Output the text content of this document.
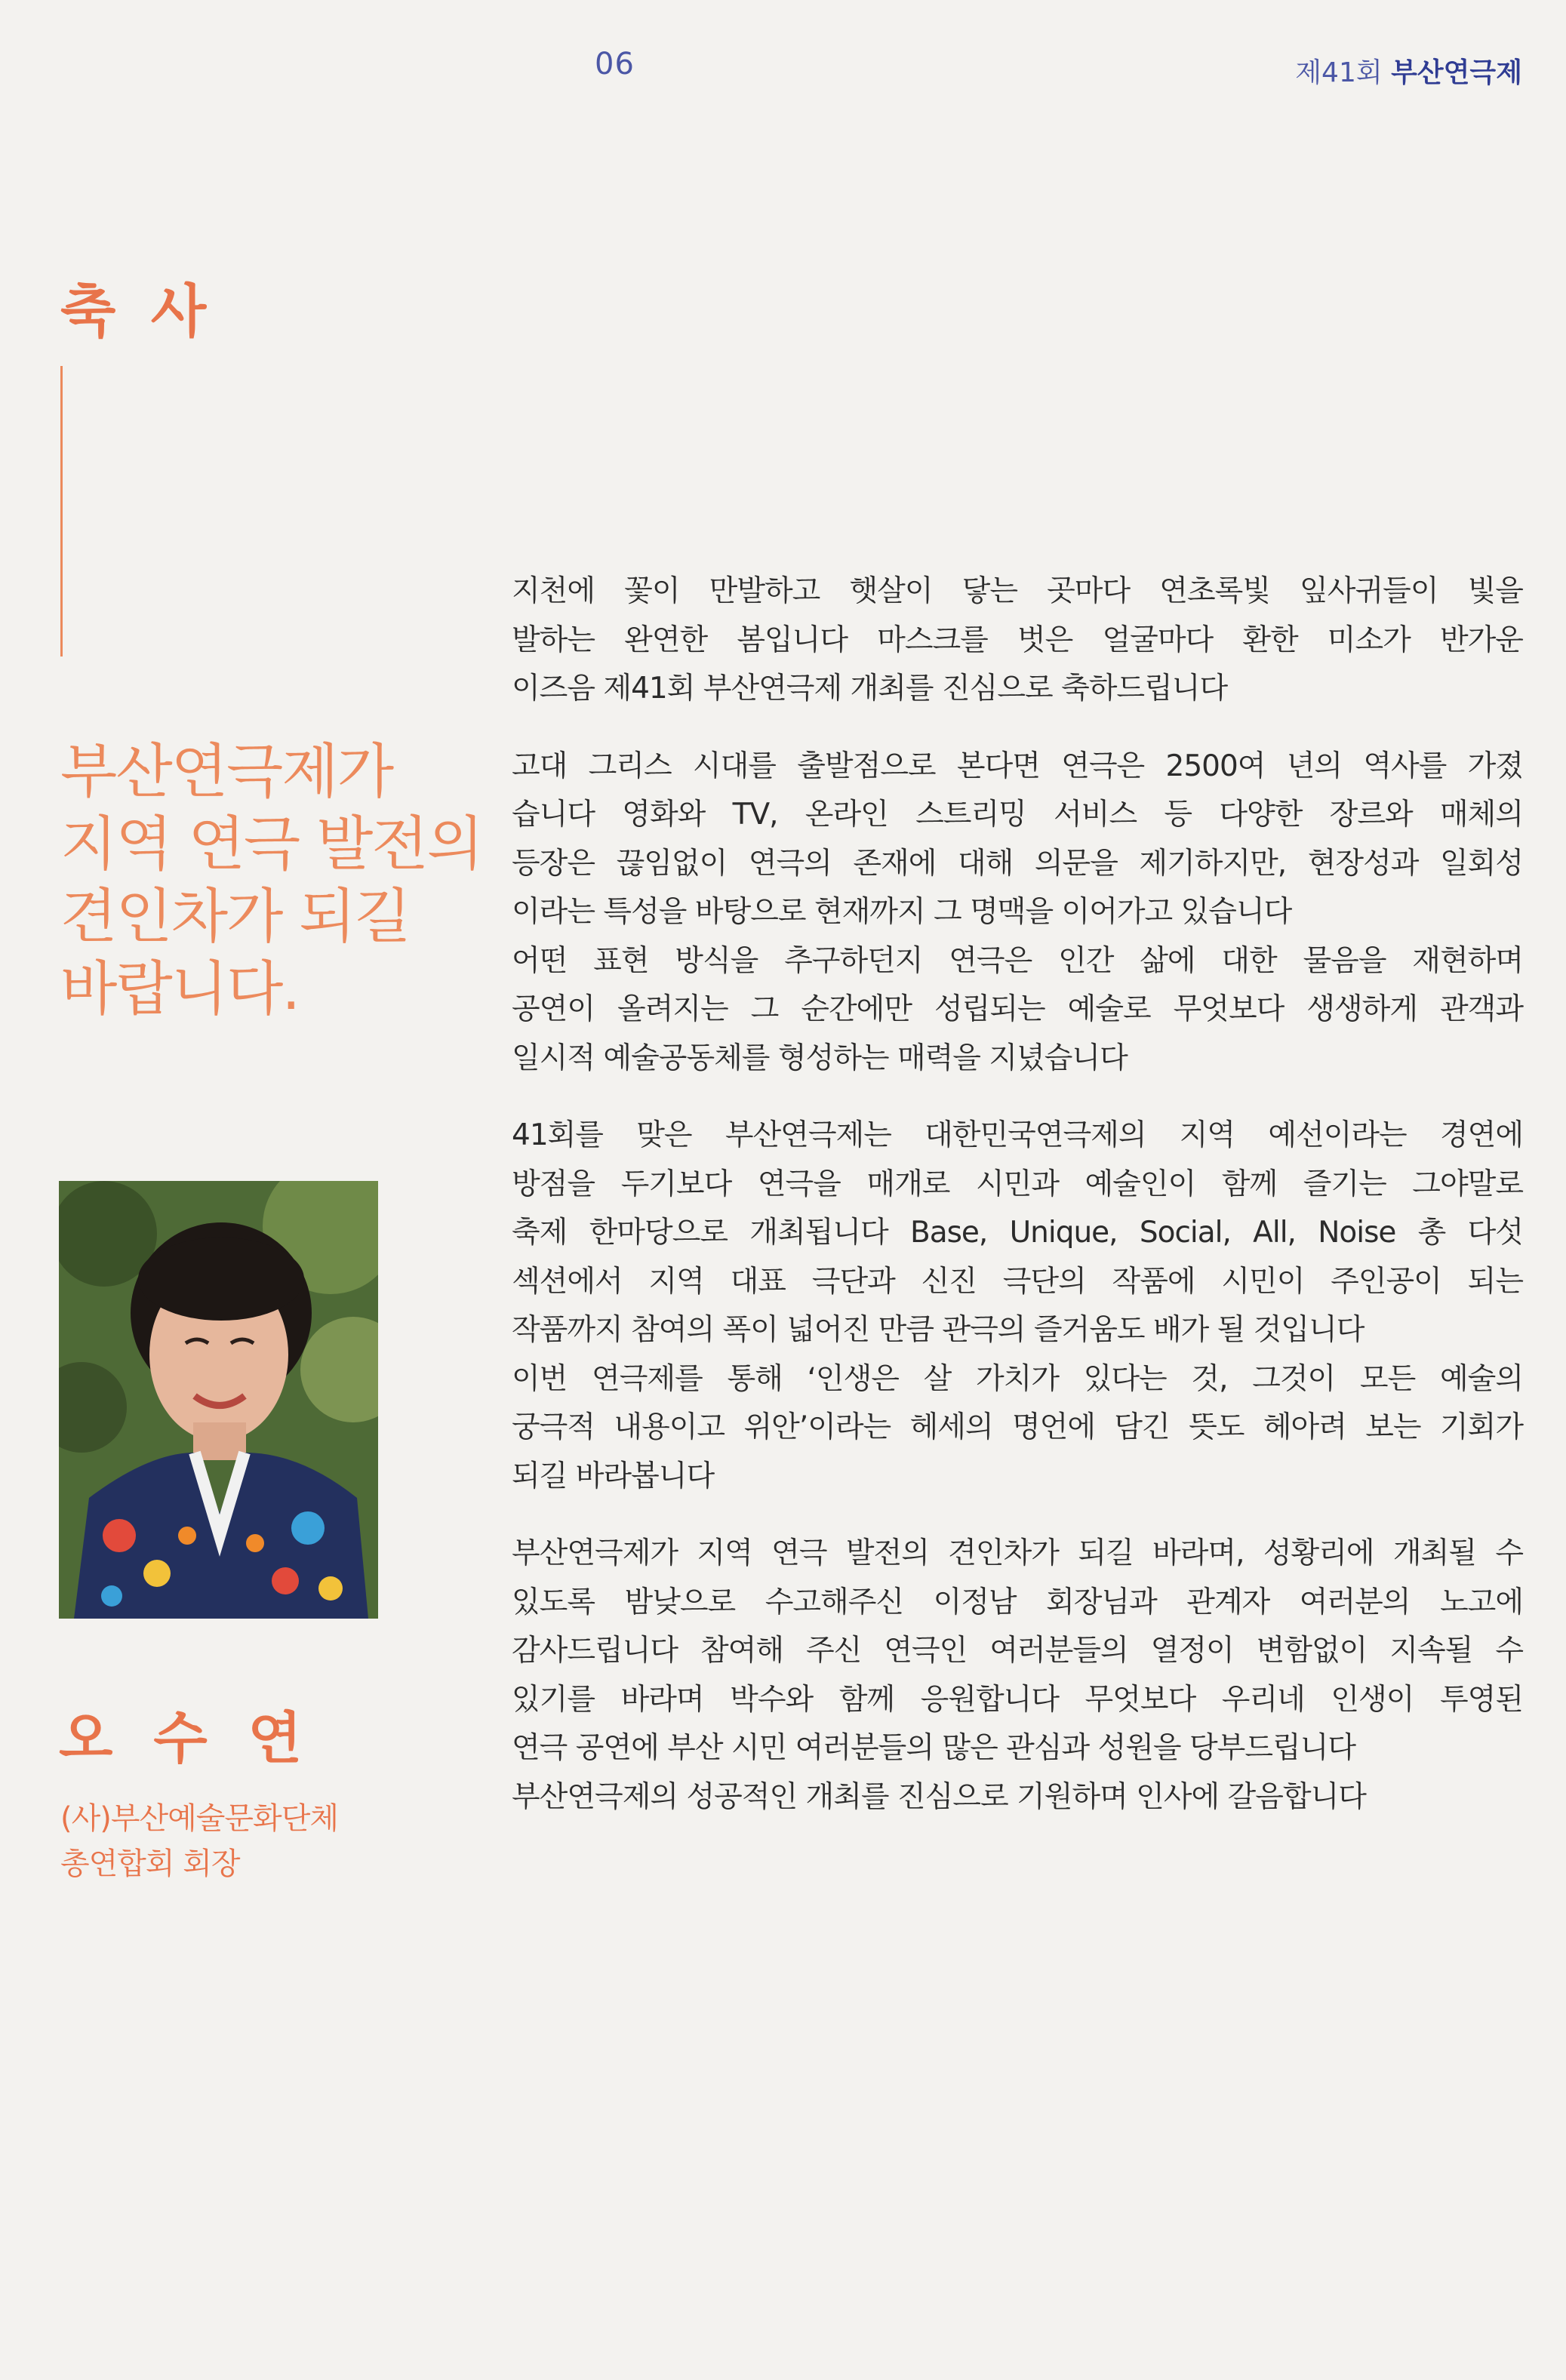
06	제41회 부산연극제
축 사
부산연극제가
지역 연극 발전의
견인차가 되길
바랍니다.
오 수 연
(사)부산예술문화단체
총연합회 회장
지천에 꽃이 만발하고 햇살이 닿는 곳마다 연초록빛 잎사귀들이 빛을
발하는 완연한 봄입니다 마스크를 벗은 얼굴마다 환한 미소가 반가운
이즈음 제41회 부산연극제 개최를 진심으로 축하드립니다
고대 그리스 시대를 출발점으로 본다면 연극은 2500여 년의 역사를 가졌
습니다 영화와 TV, 온라인 스트리밍 서비스 등 다양한 장르와 매체의
등장은 끊임없이 연극의 존재에 대해 의문을 제기하지만, 현장성과 일회성
이라는 특성을 바탕으로 현재까지 그 명맥을 이어가고 있습니다
어떤 표현 방식을 추구하던지 연극은 인간 삶에 대한 물음을 재현하며
공연이 올려지는 그 순간에만 성립되는 예술로 무엇보다 생생하게 관객과
일시적 예술공동체를 형성하는 매력을 지녔습니다
41회를 맞은 부산연극제는 대한민국연극제의 지역 예선이라는 경연에
방점을 두기보다 연극을 매개로 시민과 예술인이 함께 즐기는 그야말로
축제 한마당으로 개최됩니다 Base, Unique, Social, All, Noise 총 다섯
섹션에서 지역 대표 극단과 신진 극단의 작품에 시민이 주인공이 되는
작품까지 참여의 폭이 넓어진 만큼 관극의 즐거움도 배가 될 것입니다
이번 연극제를 통해 ‘인생은 살 가치가 있다는 것, 그것이 모든 예술의
궁극적 내용이고 위안’이라는 헤세의 명언에 담긴 뜻도 헤아려 보는 기회가
되길 바라봅니다
부산연극제가 지역 연극 발전의 견인차가 되길 바라며, 성황리에 개최될 수
있도록 밤낮으로 수고해주신 이정남 회장님과 관계자 여러분의 노고에
감사드립니다 참여해 주신 연극인 여러분들의 열정이 변함없이 지속될 수
있기를 바라며 박수와 함께 응원합니다 무엇보다 우리네 인생이 투영된
연극 공연에 부산 시민 여러분들의 많은 관심과 성원을 당부드립니다
부산연극제의 성공적인 개최를 진심으로 기원하며 인사에 갈음합니다
